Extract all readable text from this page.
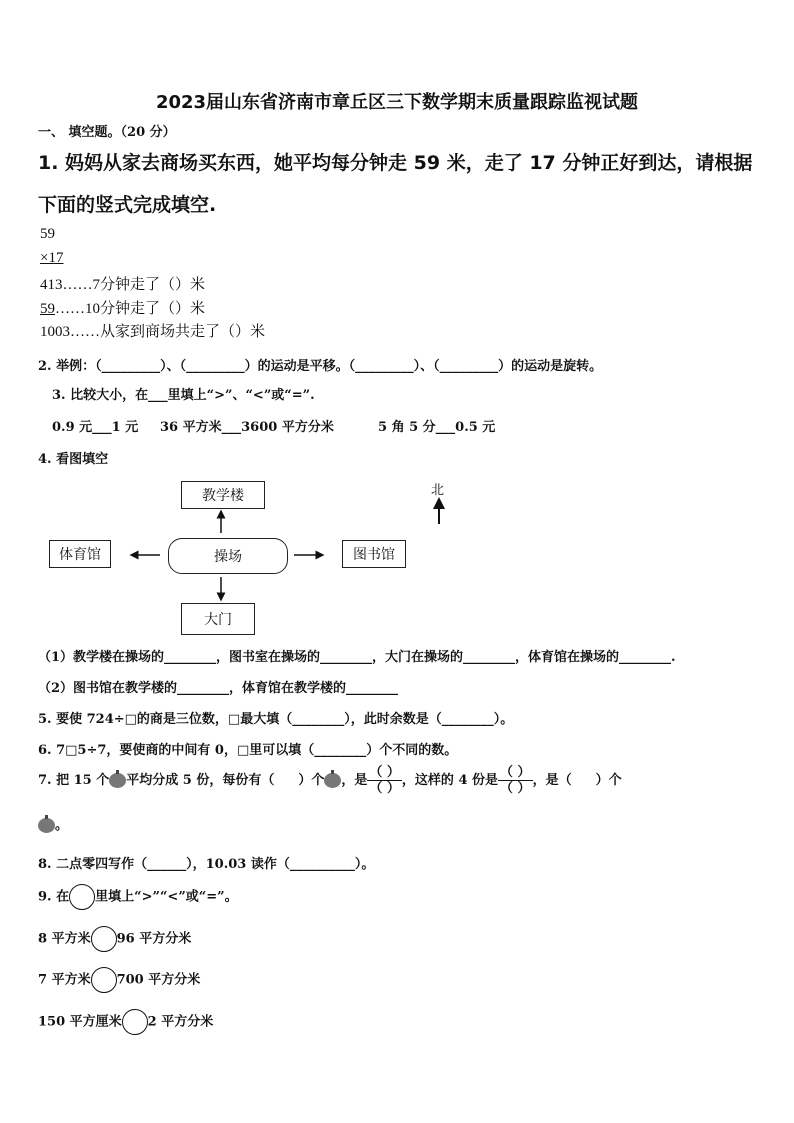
2023届山东省济南市章丘区三下数学期末质量跟踪监视试题
一、 填空题。（20 分）
1. 妈妈从家去商场买东西，她平均每分钟走 59 米，走了 17 分钟正好到达，请根据
下面的竖式完成填空.
59
×17
413……7分钟走了（）米
59……10分钟走了（）米
1003……从家到商场共走了（）米
2. 举例：（_________）、（_________）的运动是平移。（_________）、（_________）的运动是旋转。
3. 比较大小，在___里填上“>”、“<”或“=”.
0.9 元___1 元 36 平方米___3600 平方分米	5 角 5 分___0.5 元
4. 看图填空
教学楼
操场
体育馆	图书馆
大门
北
（1）教学楼在操场的________，图书室在操场的________，大门在操场的________，体育馆在操场的________.
（2）图书馆在教学楼的________，体育馆在教学楼的________
5. 要使 724÷□的商是三位数，□最大填（________），此时余数是（________）。
6. 7□5÷7，要使商的中间有 0，□里可以填（________）个不同的数。
7. 把 15 个 平均分成 5 份，每份有（ ）个 ，是 $\frac{( )}{( )}$ ，这样的 4 份是 $\frac{( )}{( )}$ ，是（ ）个
。
8. 二点零四写作（______），10.03 读作（__________）。
9. 在 里填上“>”“<”或“=”。
8 平方米 96 平方分米
7 平方米 700 平方分米
150 平方厘米 2 平方分米
